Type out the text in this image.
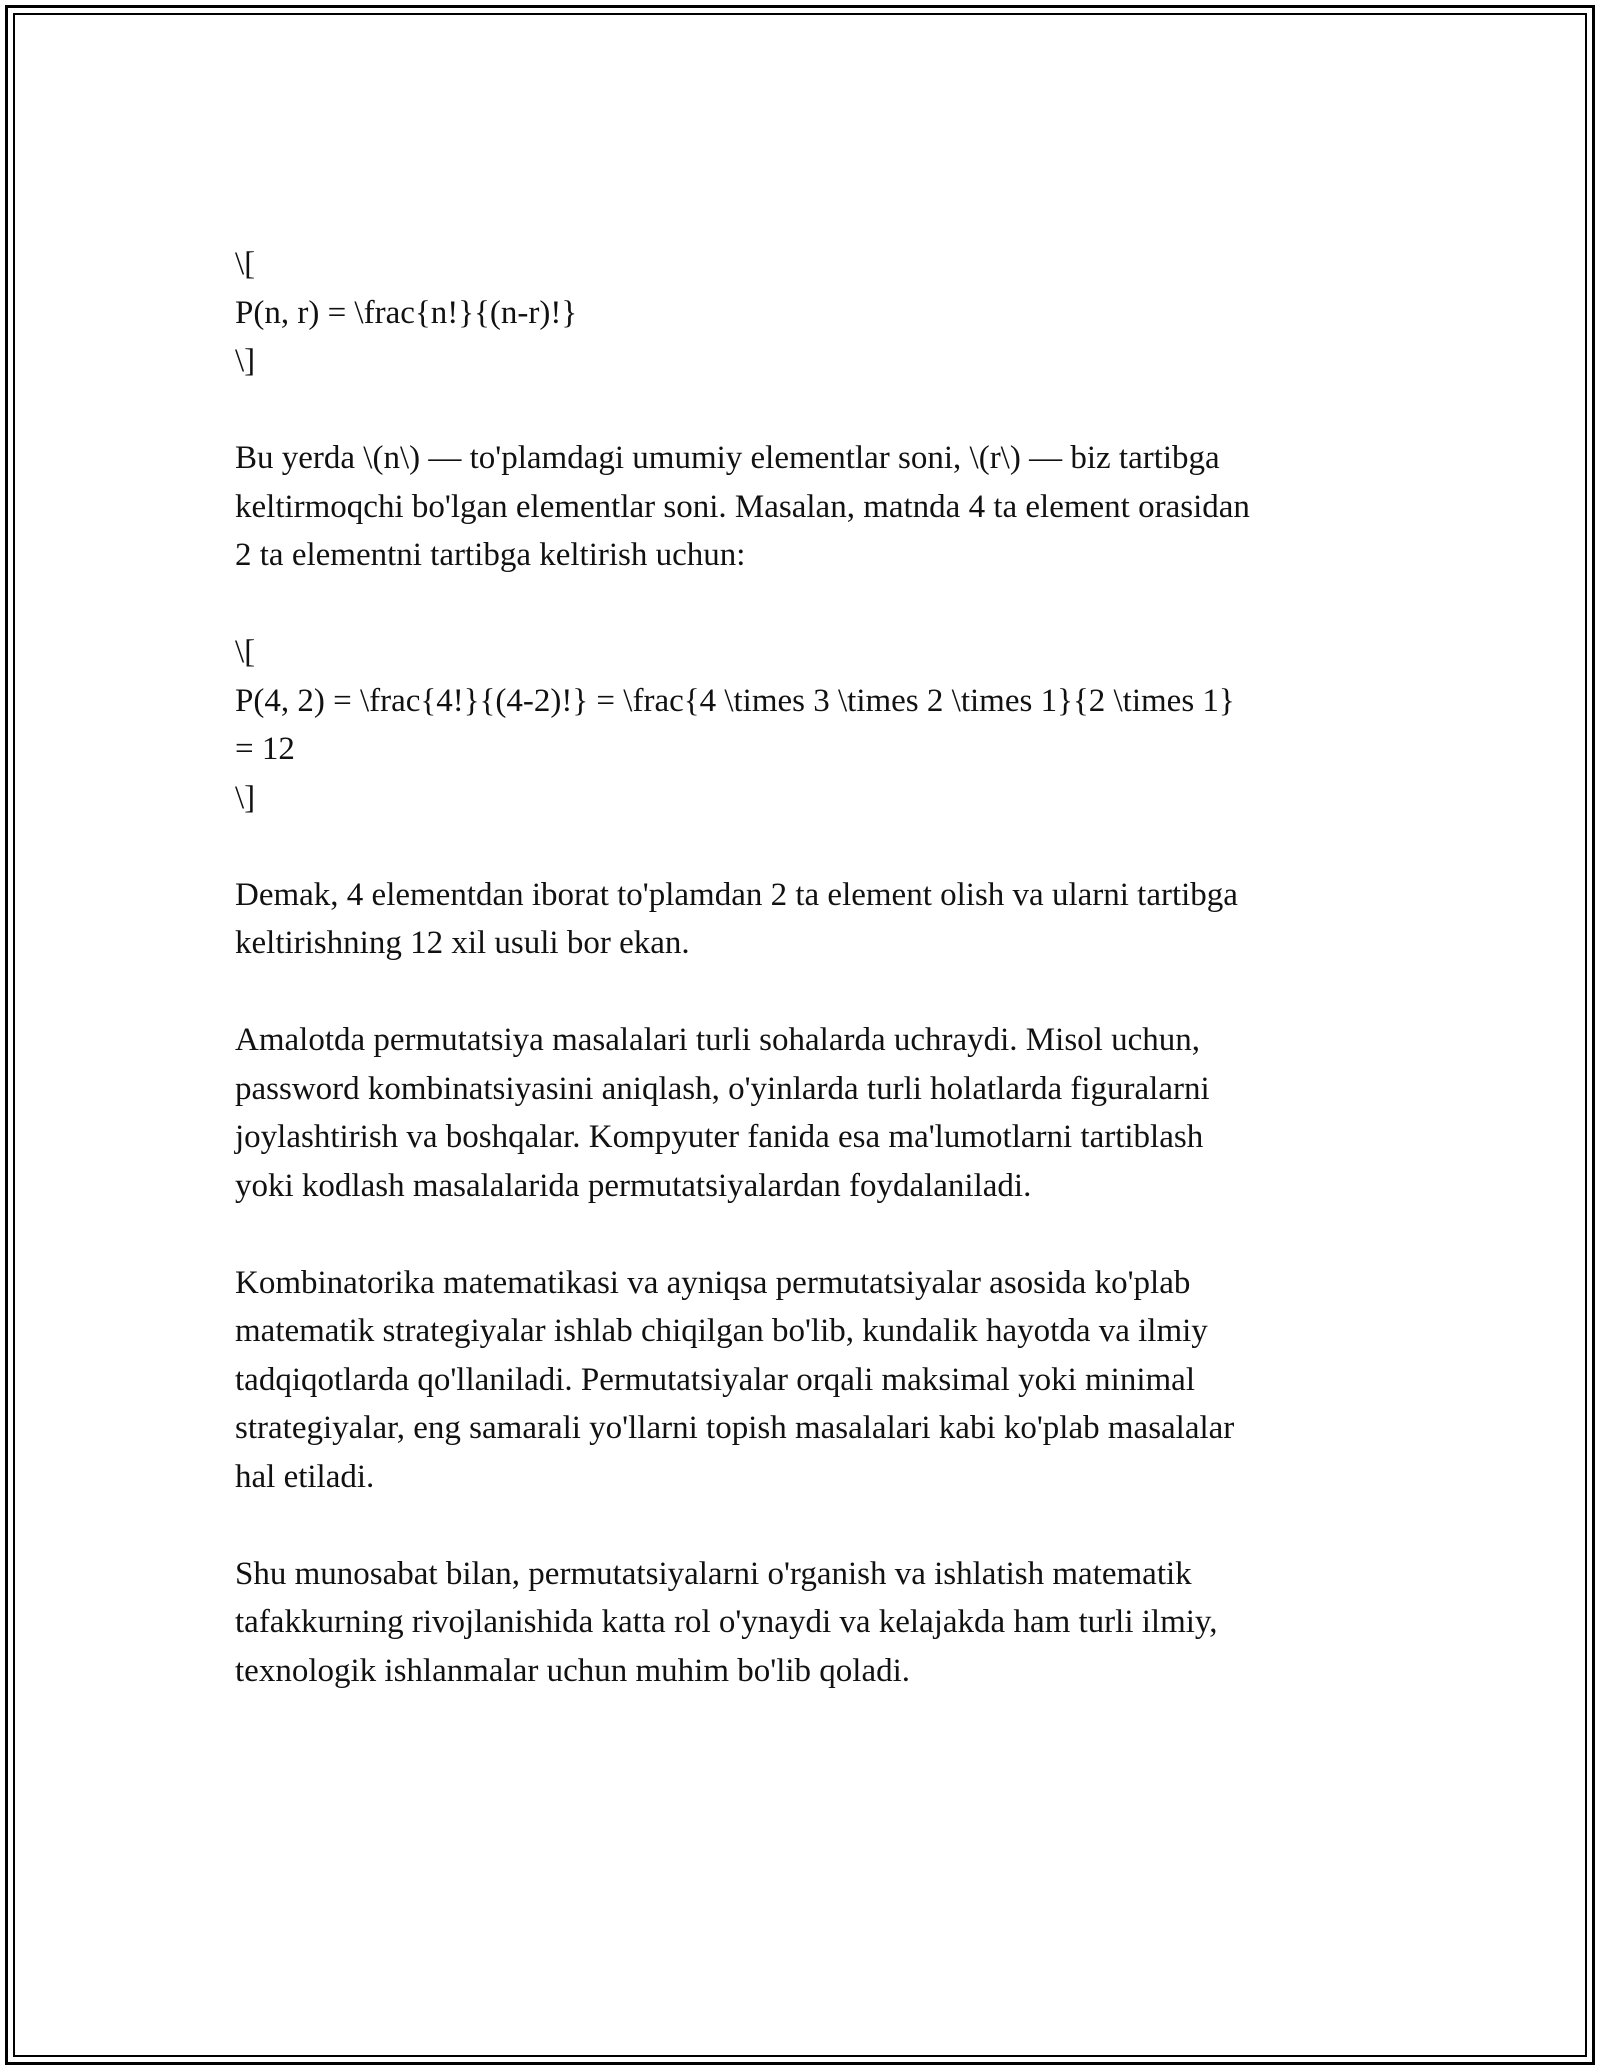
\[
P(n, r) = \frac{n!}{(n-r)!}
\]
Bu yerda \(n\) — to'plamdagi umumiy elementlar soni, \(r\) — biz tartibga
keltirmoqchi bo'lgan elementlar soni. Masalan, matnda 4 ta element orasidan
2 ta elementni tartibga keltirish uchun:
\[
P(4, 2) = \frac{4!}{(4-2)!} = \frac{4 \times 3 \times 2 \times 1}{2 \times 1}
= 12
\]
Demak, 4 elementdan iborat to'plamdan 2 ta element olish va ularni tartibga
keltirishning 12 xil usuli bor ekan.
Amalotda permutatsiya masalalari turli sohalarda uchraydi. Misol uchun,
password kombinatsiyasini aniqlash, o'yinlarda turli holatlarda figuralarni
joylashtirish va boshqalar. Kompyuter fanida esa ma'lumotlarni tartiblash
yoki kodlash masalalarida permutatsiyalardan foydalaniladi.
Kombinatorika matematikasi va ayniqsa permutatsiyalar asosida ko'plab
matematik strategiyalar ishlab chiqilgan bo'lib, kundalik hayotda va ilmiy
tadqiqotlarda qo'llaniladi. Permutatsiyalar orqali maksimal yoki minimal
strategiyalar, eng samarali yo'llarni topish masalalari kabi ko'plab masalalar
hal etiladi.
Shu munosabat bilan, permutatsiyalarni o'rganish va ishlatish matematik
tafakkurning rivojlanishida katta rol o'ynaydi va kelajakda ham turli ilmiy,
texnologik ishlanmalar uchun muhim bo'lib qoladi.
